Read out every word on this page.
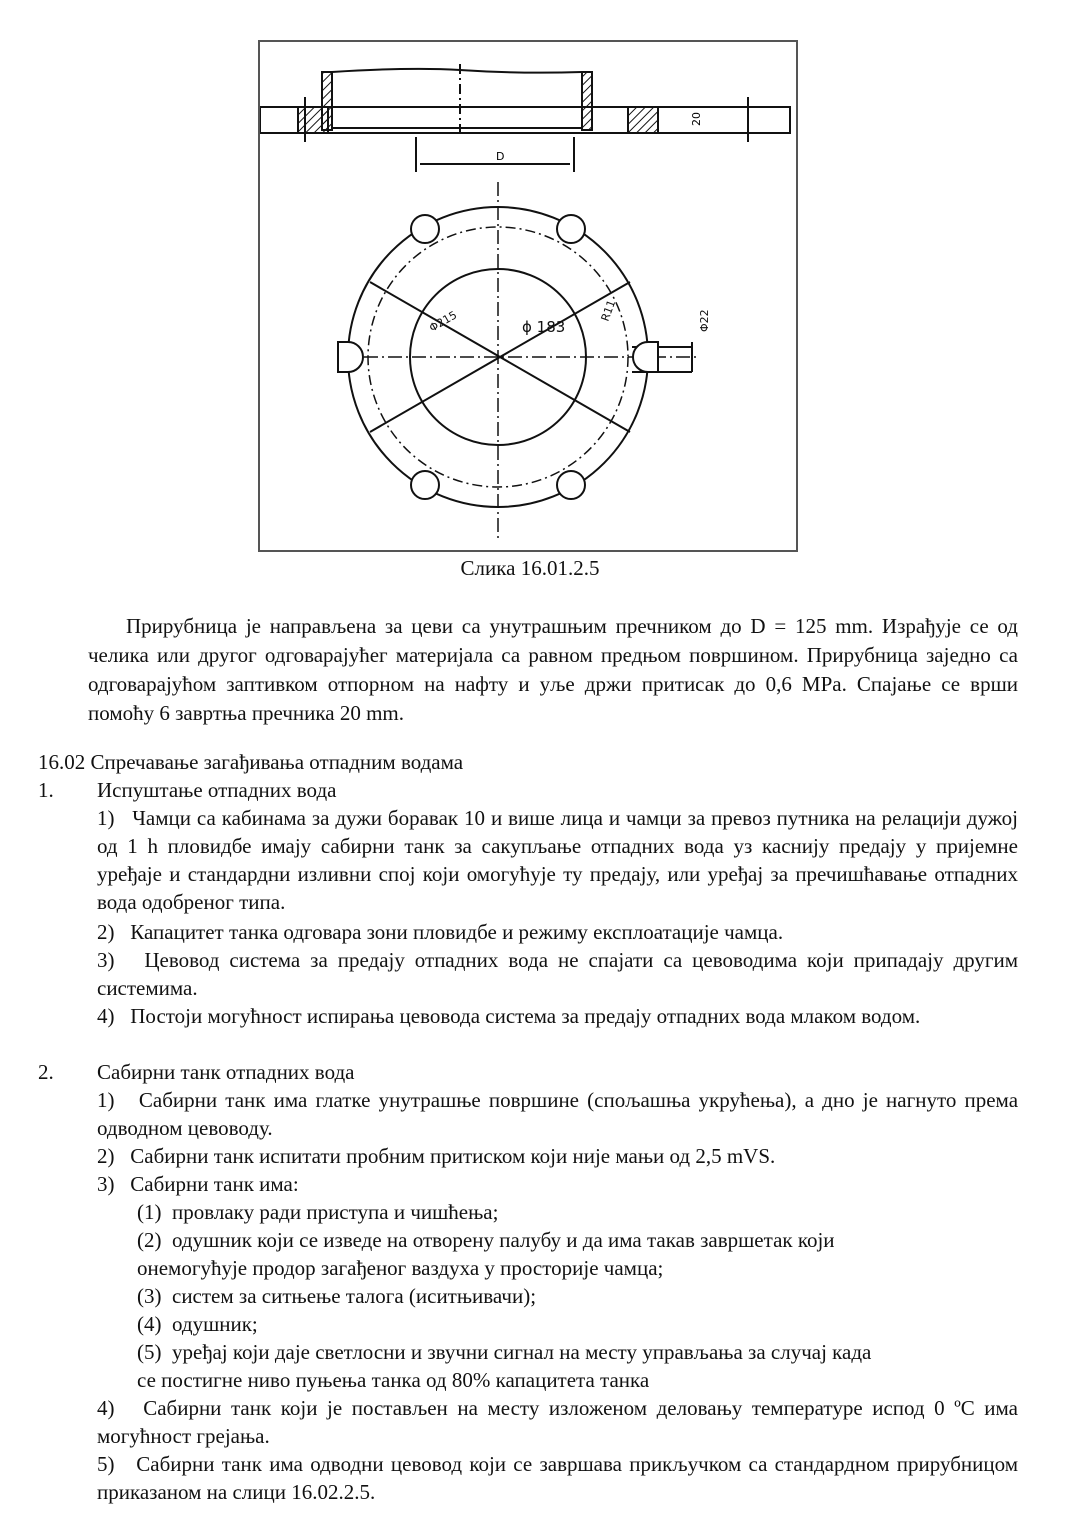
D
20
Φ215	ϕ 183
R11	Φ22
Слика 16.01.2.5
Прирубница је направљена за цеви са унутрашњим пречником до D = 125 mm. Израђује се од челика или другог одговарајућег материјала са равном предњом површином. Прирубница заједно са одговарајућом заптивком отпорном на нафту и уље држи притисак до 0,6 MPa. Спајање се врши помоћу 6 завртња пречника 20 mm.
16.02 Спречавање загађивања отпадним водама
1. Испуштање отпадних вода
1) Чамци са кабинама за дужи боравак 10 и више лица и чамци за превоз путника на релацији дужој од 1 h пловидбе имају сабирни танк за сакупљање отпадних вода уз каснију предају у пријемне уређаје и стандардни изливни спој који омогућује ту предају, или уређај за пречишћавање отпадних вода одобреног типа.
2) Капацитет танка одговара зони пловидбе и режиму експлоатације чамца.
3) Цевовод система за предају отпадних вода не спајати са цевоводима који припадају другим системима.
4) Постоји могућност испирања цевовода система за предају отпадних вода млаком водом.
2. Сабирни танк отпадних вода
1) Сабирни танк има глатке унутрашње површине (спољашња укрућења), а дно је нагнуто према одводном цевоводу.
2) Сабирни танк испитати пробним притиском који није мањи од 2,5 mVS.
3) Сабирни танк има:
(1) провлаку ради приступа и чишћења;
(2) одушник који се изведе на отворену палубу и да има такав завршетак који
онемогућује продор загађеног ваздуха у просторије чамца;
(3) систем за ситњење талога (иситњивачи);
(4) одушник;
(5) уређај који даје светлосни и звучни сигнал на месту управљања за случај када
се постигне ниво пуњења танка од 80% капацитета танка
4) Сабирни танк који је постављен на месту изложеном деловању температуре испод 0 ºC има могућност грејања.
5) Сабирни танк има одводни цевовод који се завршава прикључком са стандардном прирубницом приказаном на слици 16.02.2.5.
